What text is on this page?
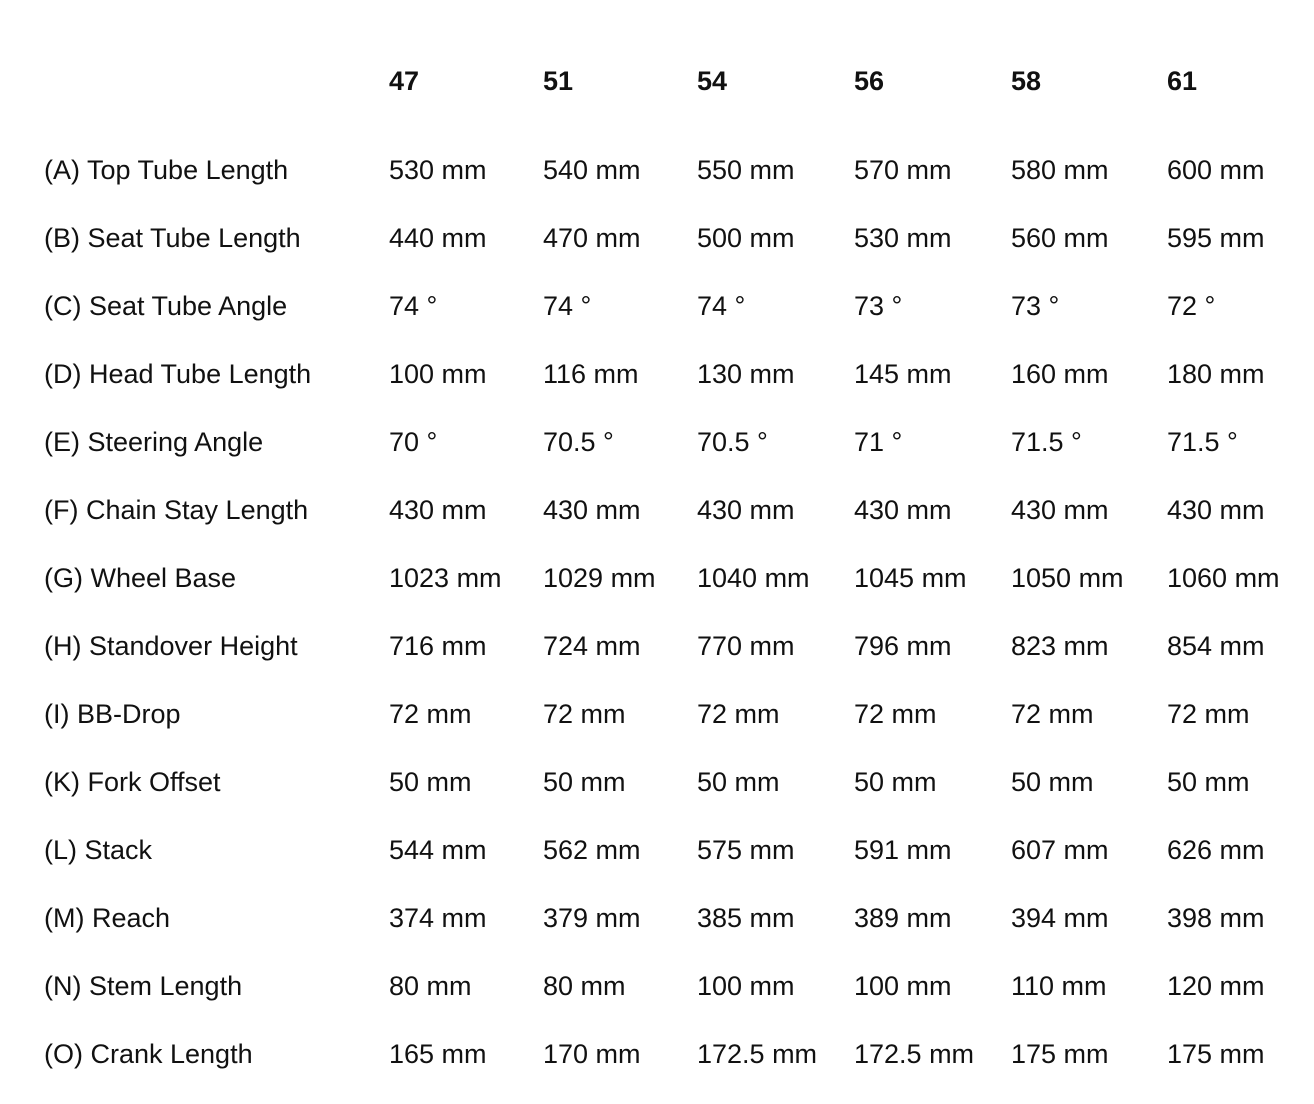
47	51	54	56	58	61
(A) Top Tube Length	530 mm 540 mm 550 mm 570 mm 580 mm 600 mm
(B) Seat Tube Length	440 mm 470 mm 500 mm 530 mm 560 mm 595 mm
(C) Seat Tube Angle	74 °	74 °	74 °	73 °	73 °	72 °
(D) Head Tube Length	100 mm 116 mm 130 mm 145 mm 160 mm 180 mm
(E) Steering Angle	70 °	70.5 °	70.5 °	71 °	71.5 °	71.5 °
(F) Chain Stay Length	430 mm 430 mm 430 mm 430 mm 430 mm 430 mm
(G) Wheel Base	1023 mm 1029 mm 1040 mm 1045 mm 1050 mm 1060 mm
(H) Standover Height	716 mm 724 mm 770 mm 796 mm 823 mm 854 mm
(I) BB-Drop	72 mm	72 mm	72 mm	72 mm	72 mm	72 mm
(K) Fork Offset	50 mm	50 mm	50 mm	50 mm	50 mm	50 mm
(L) Stack	544 mm 562 mm 575 mm 591 mm 607 mm 626 mm
(M) Reach	374 mm 379 mm 385 mm 389 mm 394 mm 398 mm
(N) Stem Length	80 mm	80 mm	100 mm 100 mm 110 mm 120 mm
(O) Crank Length	165 mm 170 mm 172.5 mm 172.5 mm 175 mm 175 mm
